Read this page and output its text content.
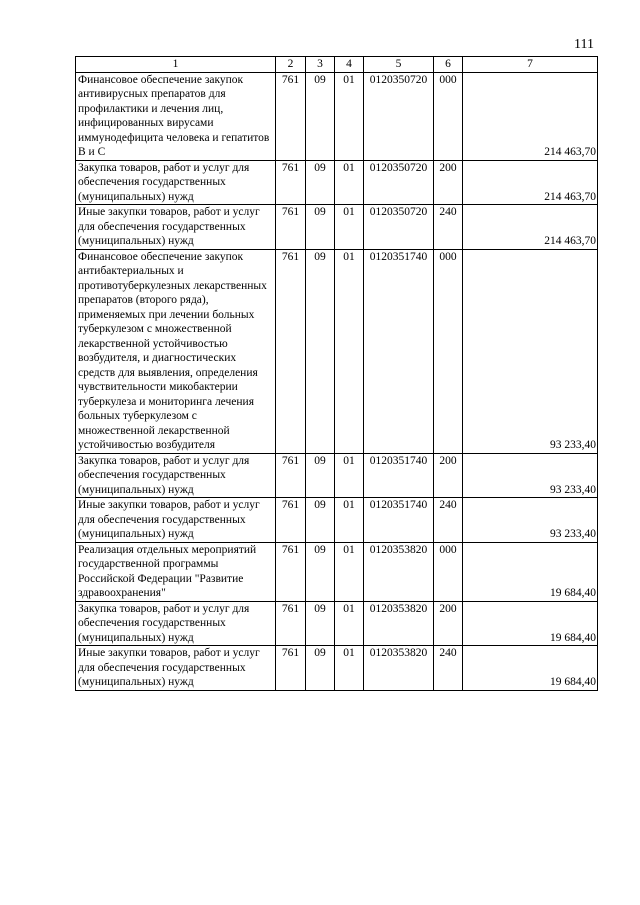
111
1	2	3	4	5	6	7
Финансовое обеспечение закупок антивирусных препаратов для профилактики и лечения лиц, инфицированных вирусами иммунодефицита человека и гепатитов В и С	761	09	01	0120350720	000	214 463,70
Закупка товаров, работ и услуг для обеспечения государственных (муниципальных) нужд	761	09	01	0120350720	200	214 463,70
Иные закупки товаров, работ и услуг для обеспечения государственных (муниципальных) нужд	761	09	01	0120350720	240	214 463,70
Финансовое обеспечение закупок антибактериальных и противотуберкулезных лекарственных препаратов (второго ряда), применяемых при лечении больных туберкулезом с множественной лекарственной устойчивостью возбудителя, и диагностических средств для выявления, определения чувствительности микобактерии туберкулеза и мониторинга лечения больных туберкулезом с множественной лекарственной устойчивостью возбудителя	761	09	01	0120351740	000	93 233,40
Закупка товаров, работ и услуг для обеспечения государственных (муниципальных) нужд	761	09	01	0120351740	200	93 233,40
Иные закупки товаров, работ и услуг для обеспечения государственных (муниципальных) нужд	761	09	01	0120351740	240	93 233,40
Реализация отдельных мероприятий государственной программы Российской Федерации "Развитие здравоохранения"	761	09	01	0120353820	000	19 684,40
Закупка товаров, работ и услуг для обеспечения государственных (муниципальных) нужд	761	09	01	0120353820	200	19 684,40
Иные закупки товаров, работ и услуг для обеспечения государственных (муниципальных) нужд	761	09	01	0120353820	240	19 684,40
